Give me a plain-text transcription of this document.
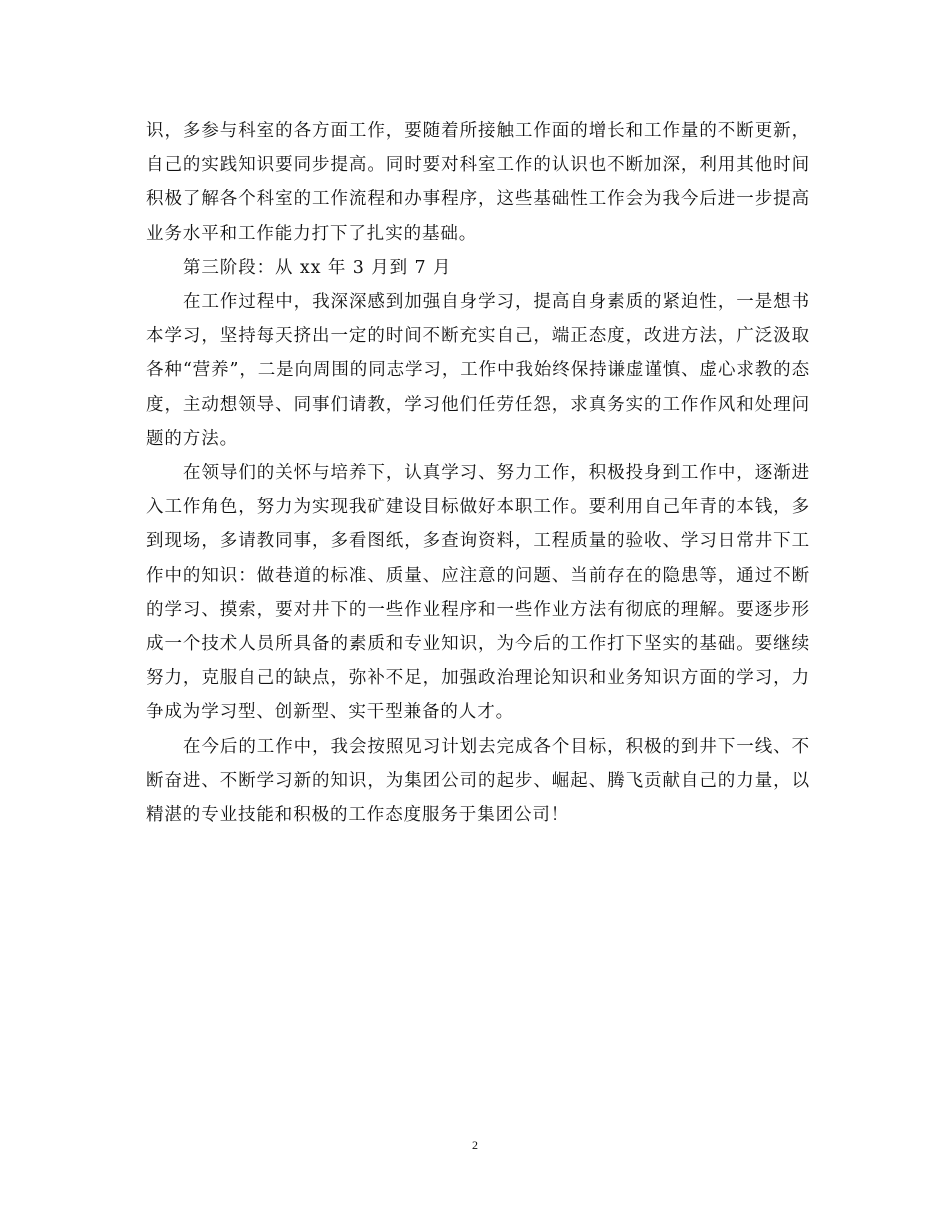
识，多参与科室的各方面工作，要随着所接触工作面的增长和工作量的不断更新，自己的实践知识要同步提高。同时要对科室工作的认识也不断加深，利用其他时间积极了解各个科室的工作流程和办事程序，这些基础性工作会为我今后进一步提高业务水平和工作能力打下了扎实的基础。

第三阶段：从 xx 年 3 月到 7 月

在工作过程中，我深深感到加强自身学习，提高自身素质的紧迫性，一是想书本学习，坚持每天挤出一定的时间不断充实自己，端正态度，改进方法，广泛汲取各种“营养”，二是向周围的同志学习，工作中我始终保持谦虚谨慎、虚心求教的态度，主动想领导、同事们请教，学习他们任劳任怨，求真务实的工作作风和处理问题的方法。

在领导们的关怀与培养下，认真学习、努力工作，积极投身到工作中，逐渐进入工作角色，努力为实现我矿建设目标做好本职工作。要利用自己年青的本钱，多到现场，多请教同事，多看图纸，多查询资料，工程质量的验收、学习日常井下工作中的知识：做巷道的标准、质量、应注意的问题、当前存在的隐患等，通过不断的学习、摸索，要对井下的一些作业程序和一些作业方法有彻底的理解。要逐步形成一个技术人员所具备的素质和专业知识，为今后的工作打下坚实的基础。要继续努力，克服自己的缺点，弥补不足，加强政治理论知识和业务知识方面的学习，力争成为学习型、创新型、实干型兼备的人才。

在今后的工作中，我会按照见习计划去完成各个目标，积极的到井下一线、不断奋进、不断学习新的知识，为集团公司的起步、崛起、腾飞贡献自己的力量，以精湛的专业技能和积极的工作态度服务于集团公司！

2
